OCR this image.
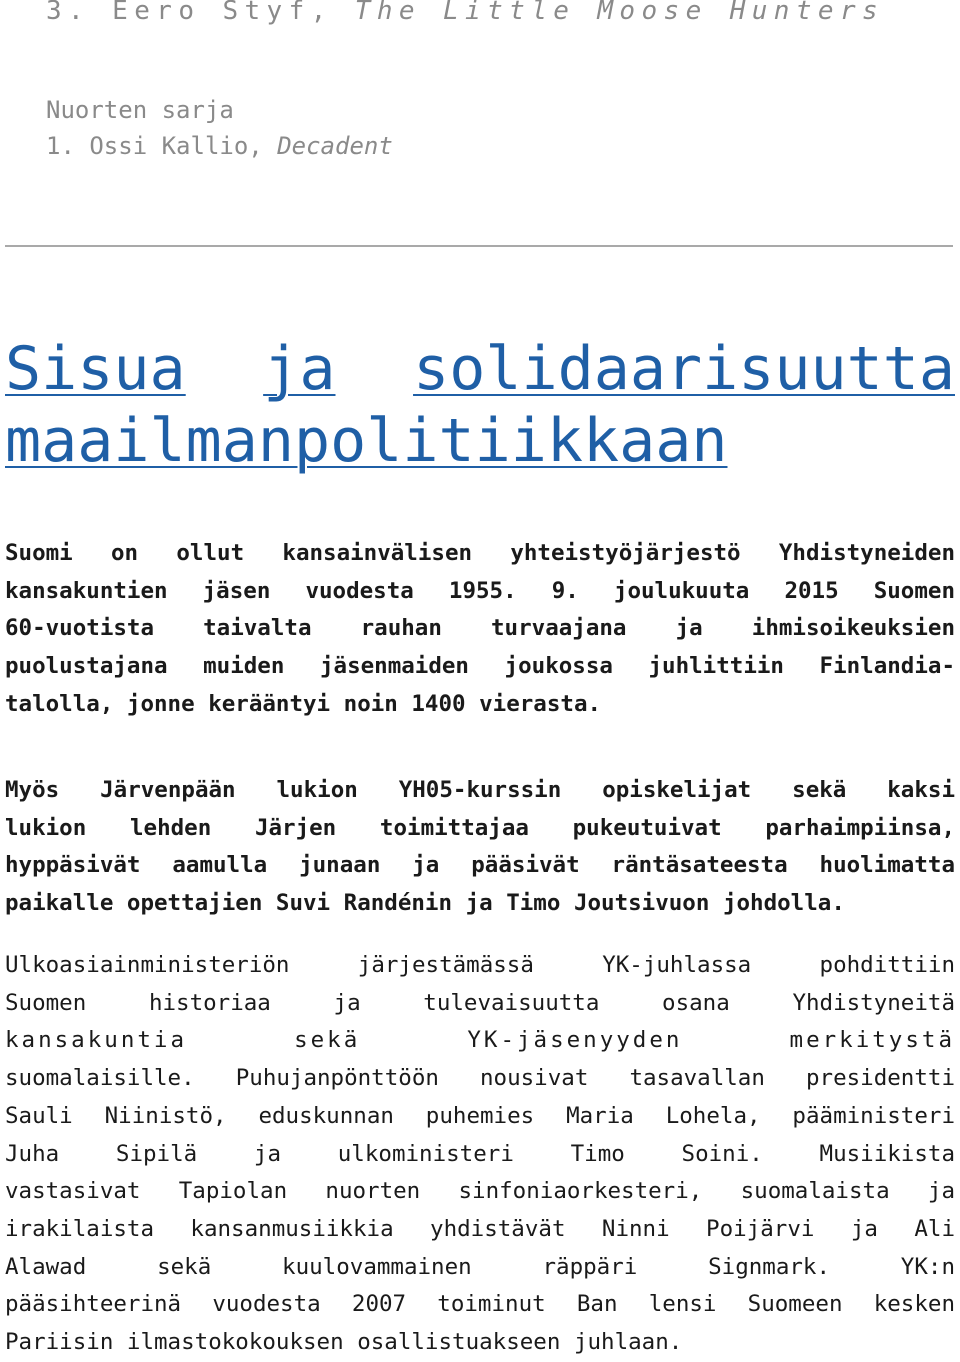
3. Eero Styf, The Little Moose Hunters
Nuorten sarja
1. Ossi Kallio, Decadent
Sisua ja solidaarisuutta
maailmanpolitiikkaan
Suomi on ollut kansainvälisen yhteistyöjärjestö Yhdistyneiden
kansakuntien jäsen vuodesta 1955. 9. joulukuuta 2015 Suomen
60-vuotista taivalta rauhan turvaajana ja ihmisoikeuksien
puolustajana muiden jäsenmaiden joukossa juhlittiin Finlandia-
talolla, jonne kerääntyi noin 1400 vierasta.
Myös Järvenpään lukion YH05-kurssin opiskelijat sekä kaksi
lukion lehden Järjen toimittajaa pukeutuivat parhaimpiinsa,
hyppäsivät aamulla junaan ja pääsivät räntäsateesta huolimatta
paikalle opettajien Suvi Randénin ja Timo Joutsivuon johdolla.
Ulkoasiainministeriön järjestämässä YK-juhlassa pohdittiin
Suomen historiaa ja tulevaisuutta osana Yhdistyneitä
kansakuntia sekä YK-jäsenyyden merkitystä
suomalaisille. Puhujanpönttöön nousivat tasavallan presidentti
Sauli Niinistö, eduskunnan puhemies Maria Lohela, pääministeri
Juha Sipilä ja ulkoministeri Timo Soini. Musiikista
vastasivat Tapiolan nuorten sinfoniaorkesteri, suomalaista ja
irakilaista kansanmusiikkia yhdistävät Ninni Poijärvi ja Ali
Alawad sekä kuulovammainen räppäri Signmark. YK:n
pääsihteerinä vuodesta 2007 toiminut Ban lensi Suomeen kesken
Pariisin ilmastokokouksen osallistuakseen juhlaan.
